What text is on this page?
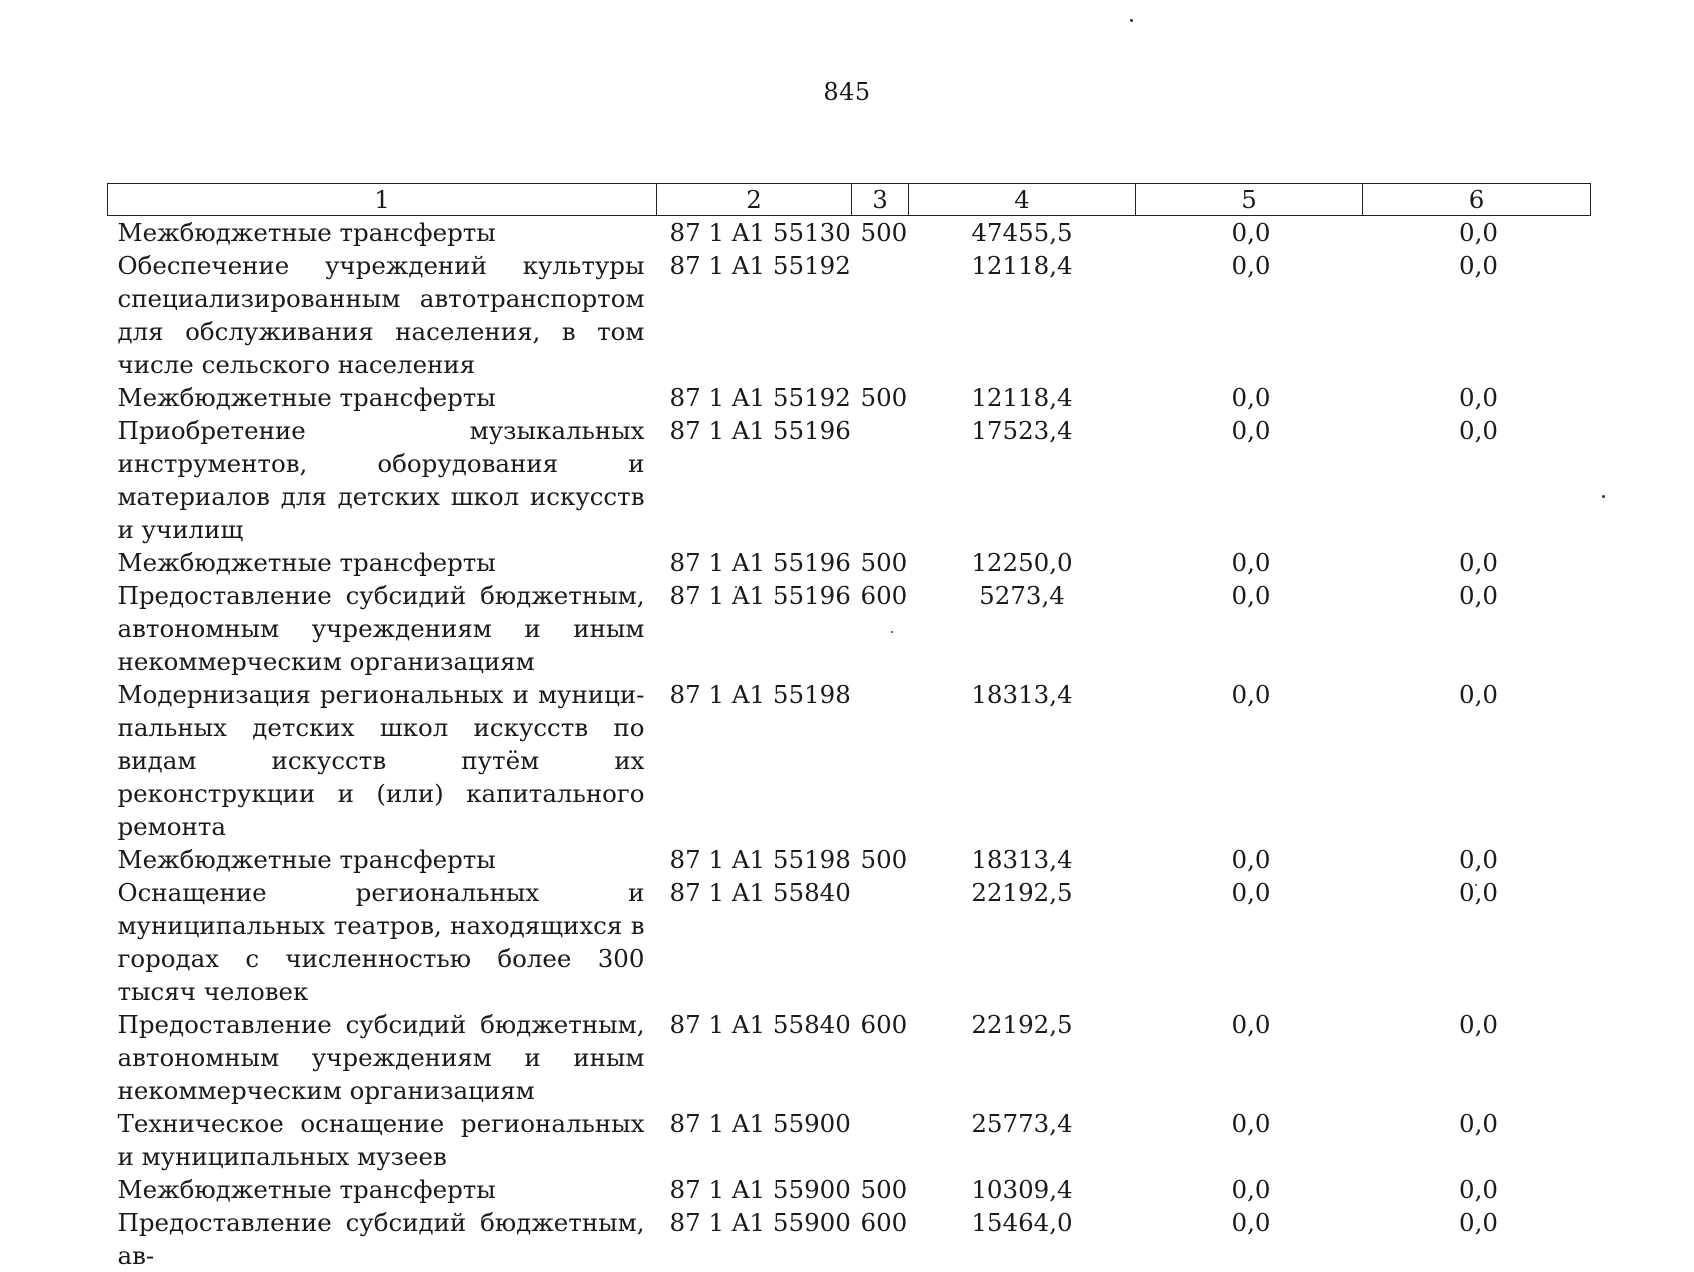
845
1	2	3	4	5	6
Межбюджетные трансферты	87 1 A1 55130	500	47455,5	0,0	0,0
Обеспечение учреждений культуры специализированным автотранспортом для обслуживания населения, в том числе сельского населения	87 1 A1 55192		12118,4	0,0	0,0
Межбюджетные трансферты	87 1 A1 55192	500	12118,4	0,0	0,0
Приобретение музыкальных инструментов, оборудования и материалов для детских школ искусств и училищ	87 1 A1 55196		17523,4	0,0	0,0
Межбюджетные трансферты	87 1 A1 55196	500	12250,0	0,0	0,0
Предоставление субсидий бюджетным, автономным учреждениям и иным некоммерческим организациям	87 1 A1 55196	600	5273,4	0,0	0,0
Модернизация региональных и муниципальных детских школ искусств по видам искусств путём их реконструкции и (или) капитального ремонта	87 1 A1 55198		18313,4	0,0	0,0
Межбюджетные трансферты	87 1 A1 55198	500	18313,4	0,0	0,0
Оснащение региональных и муниципальных театров, находящихся в городах с численностью более 300 тысяч человек	87 1 A1 55840		22192,5	0,0	0,0
Предоставление субсидий бюджетным, автономным учреждениям и иным некоммерческим организациям	87 1 A1 55840	600	22192,5	0,0	0,0
Техническое оснащение региональных и муниципальных музеев	87 1 A1 55900		25773,4	0,0	0,0
Межбюджетные трансферты	87 1 A1 55900	500	10309,4	0,0	0,0
Предоставление субсидий бюджетным, ав-	87 1 A1 55900	600	15464,0	0,0	0,0
